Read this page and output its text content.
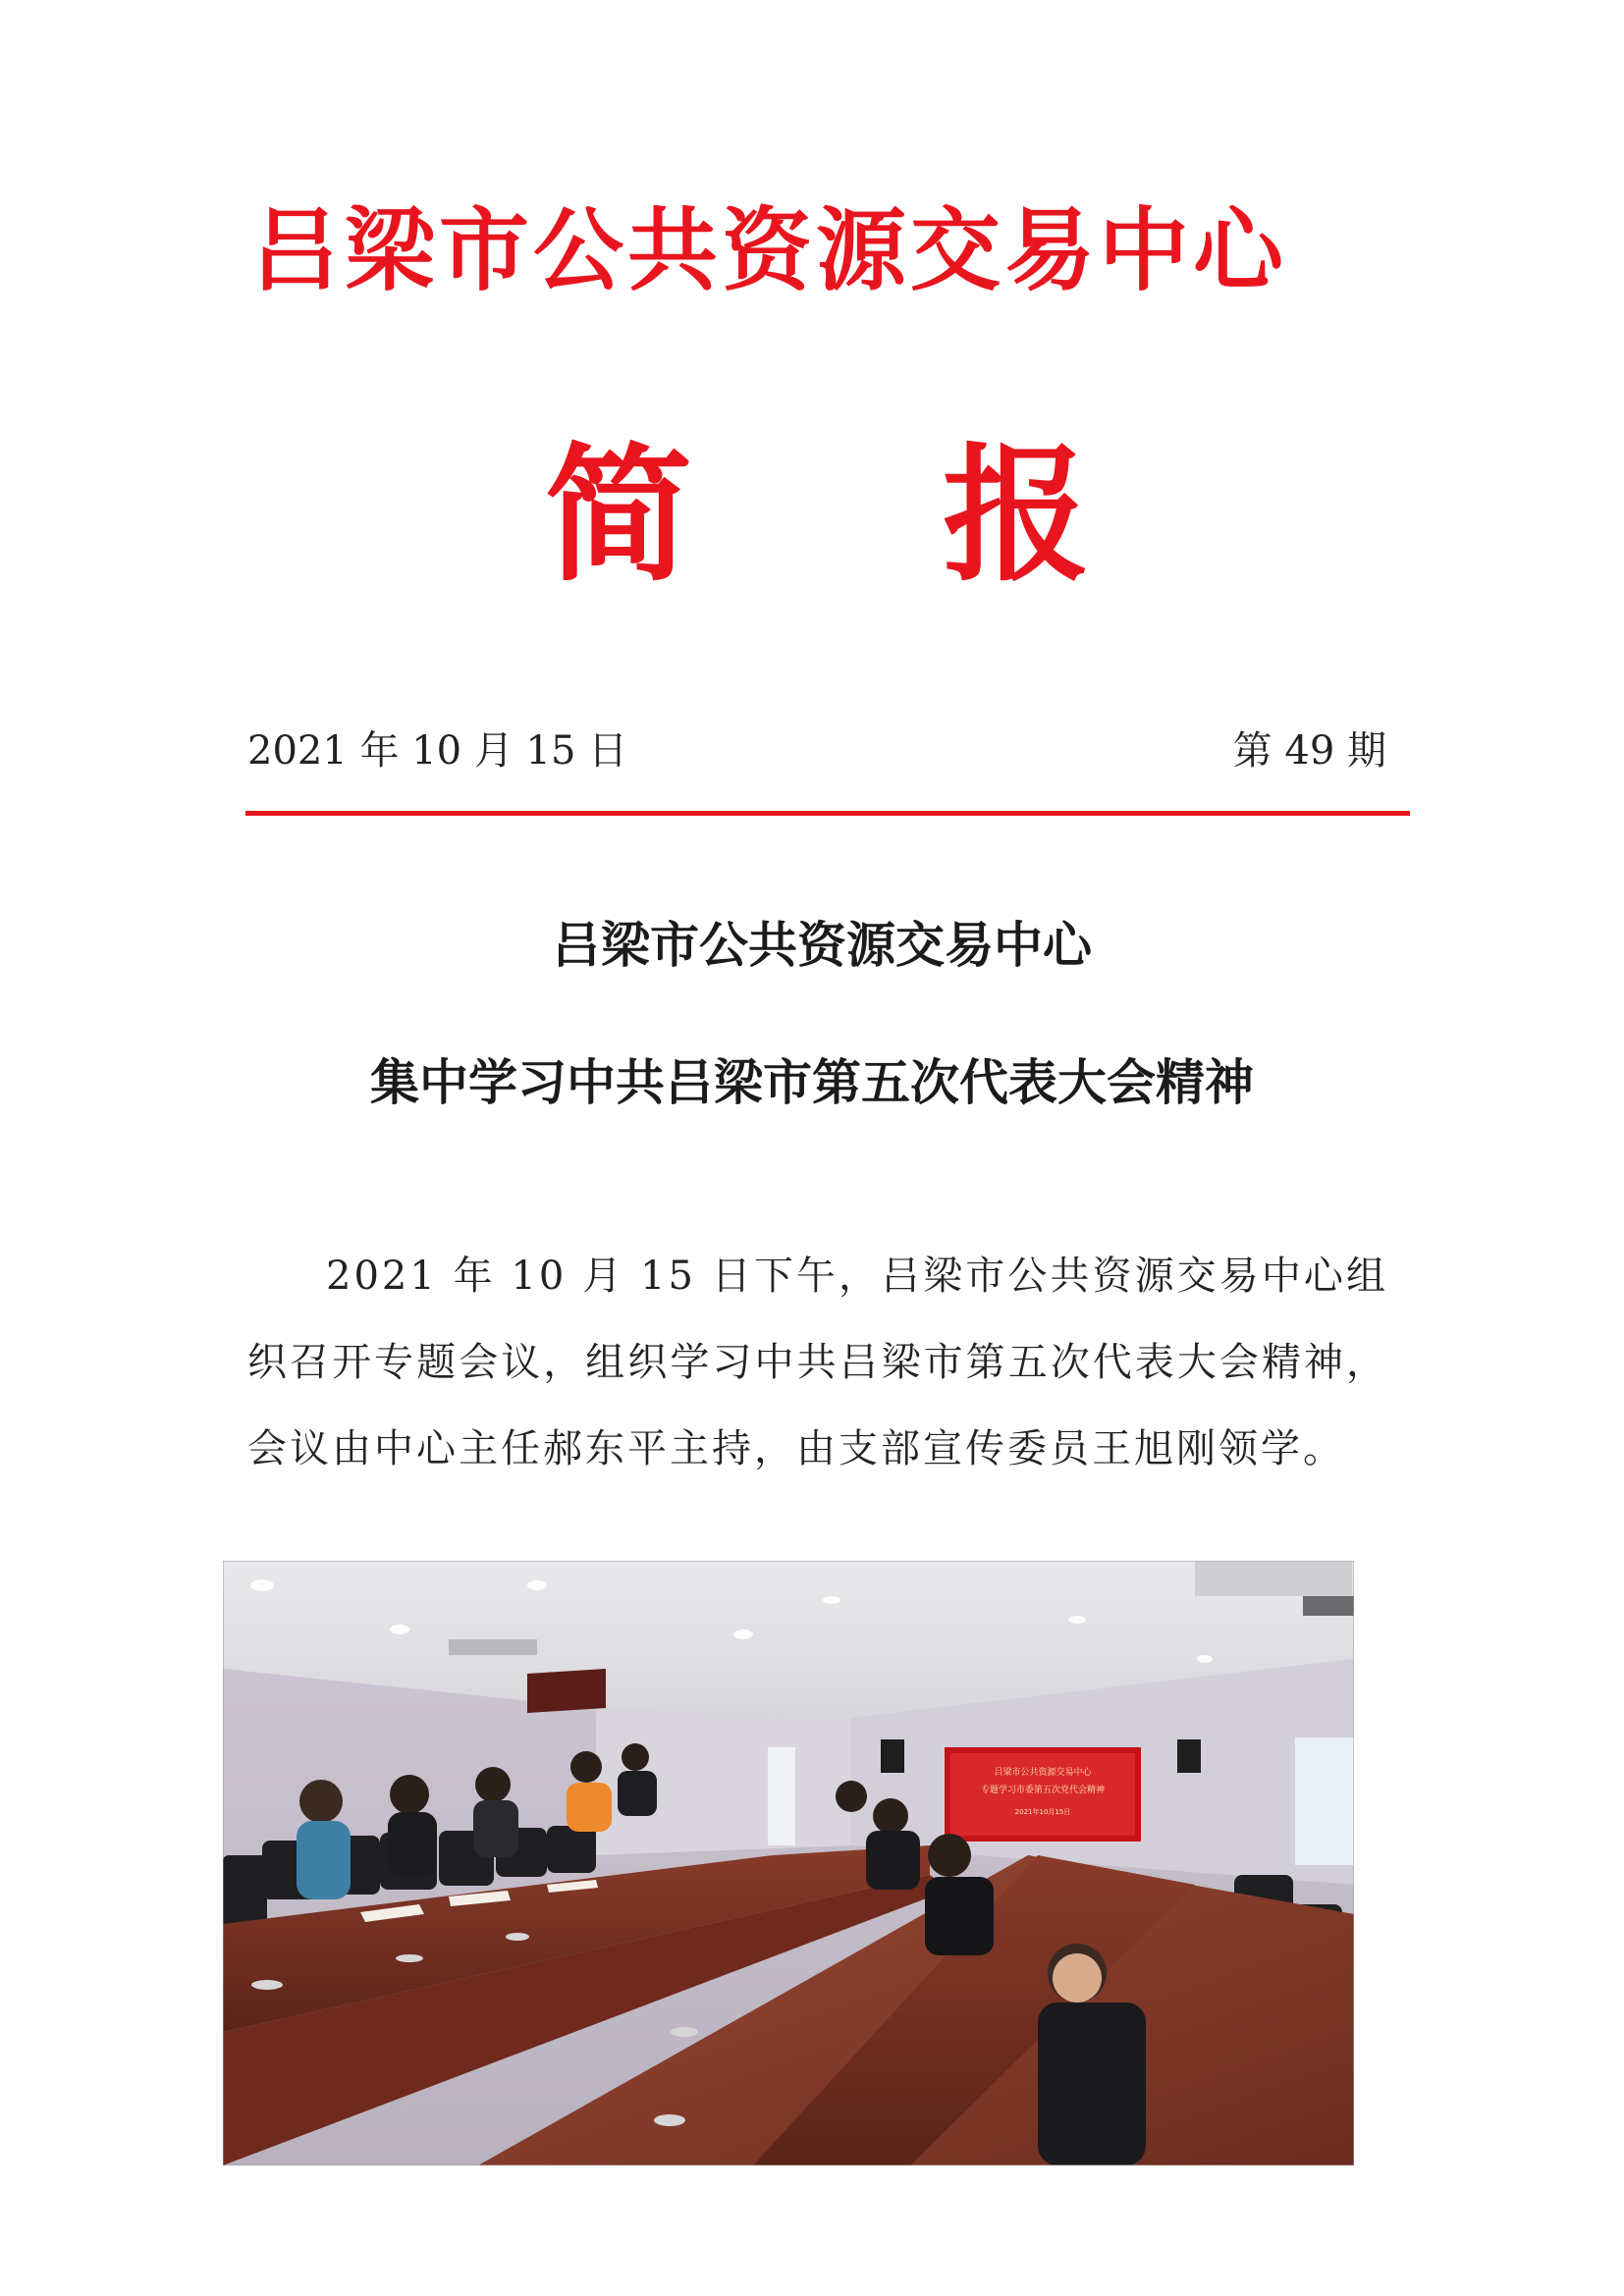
吕梁市公共资源交易中心
简 报
2021 年 10 月 15 日	第 49 期
吕梁市公共资源交易中心
集中学习中共吕梁市第五次代表大会精神
2021 年 10 月 15 日下午，吕梁市公共资源交易中心组织召开专题会议，组织学习中共吕梁市第五次代表大会精神，会议由中心主任郝东平主持，由支部宣传委员王旭刚领学。
吕梁市公共资源交易中心
专题学习市委第五次党代会精神
2021年10月15日
